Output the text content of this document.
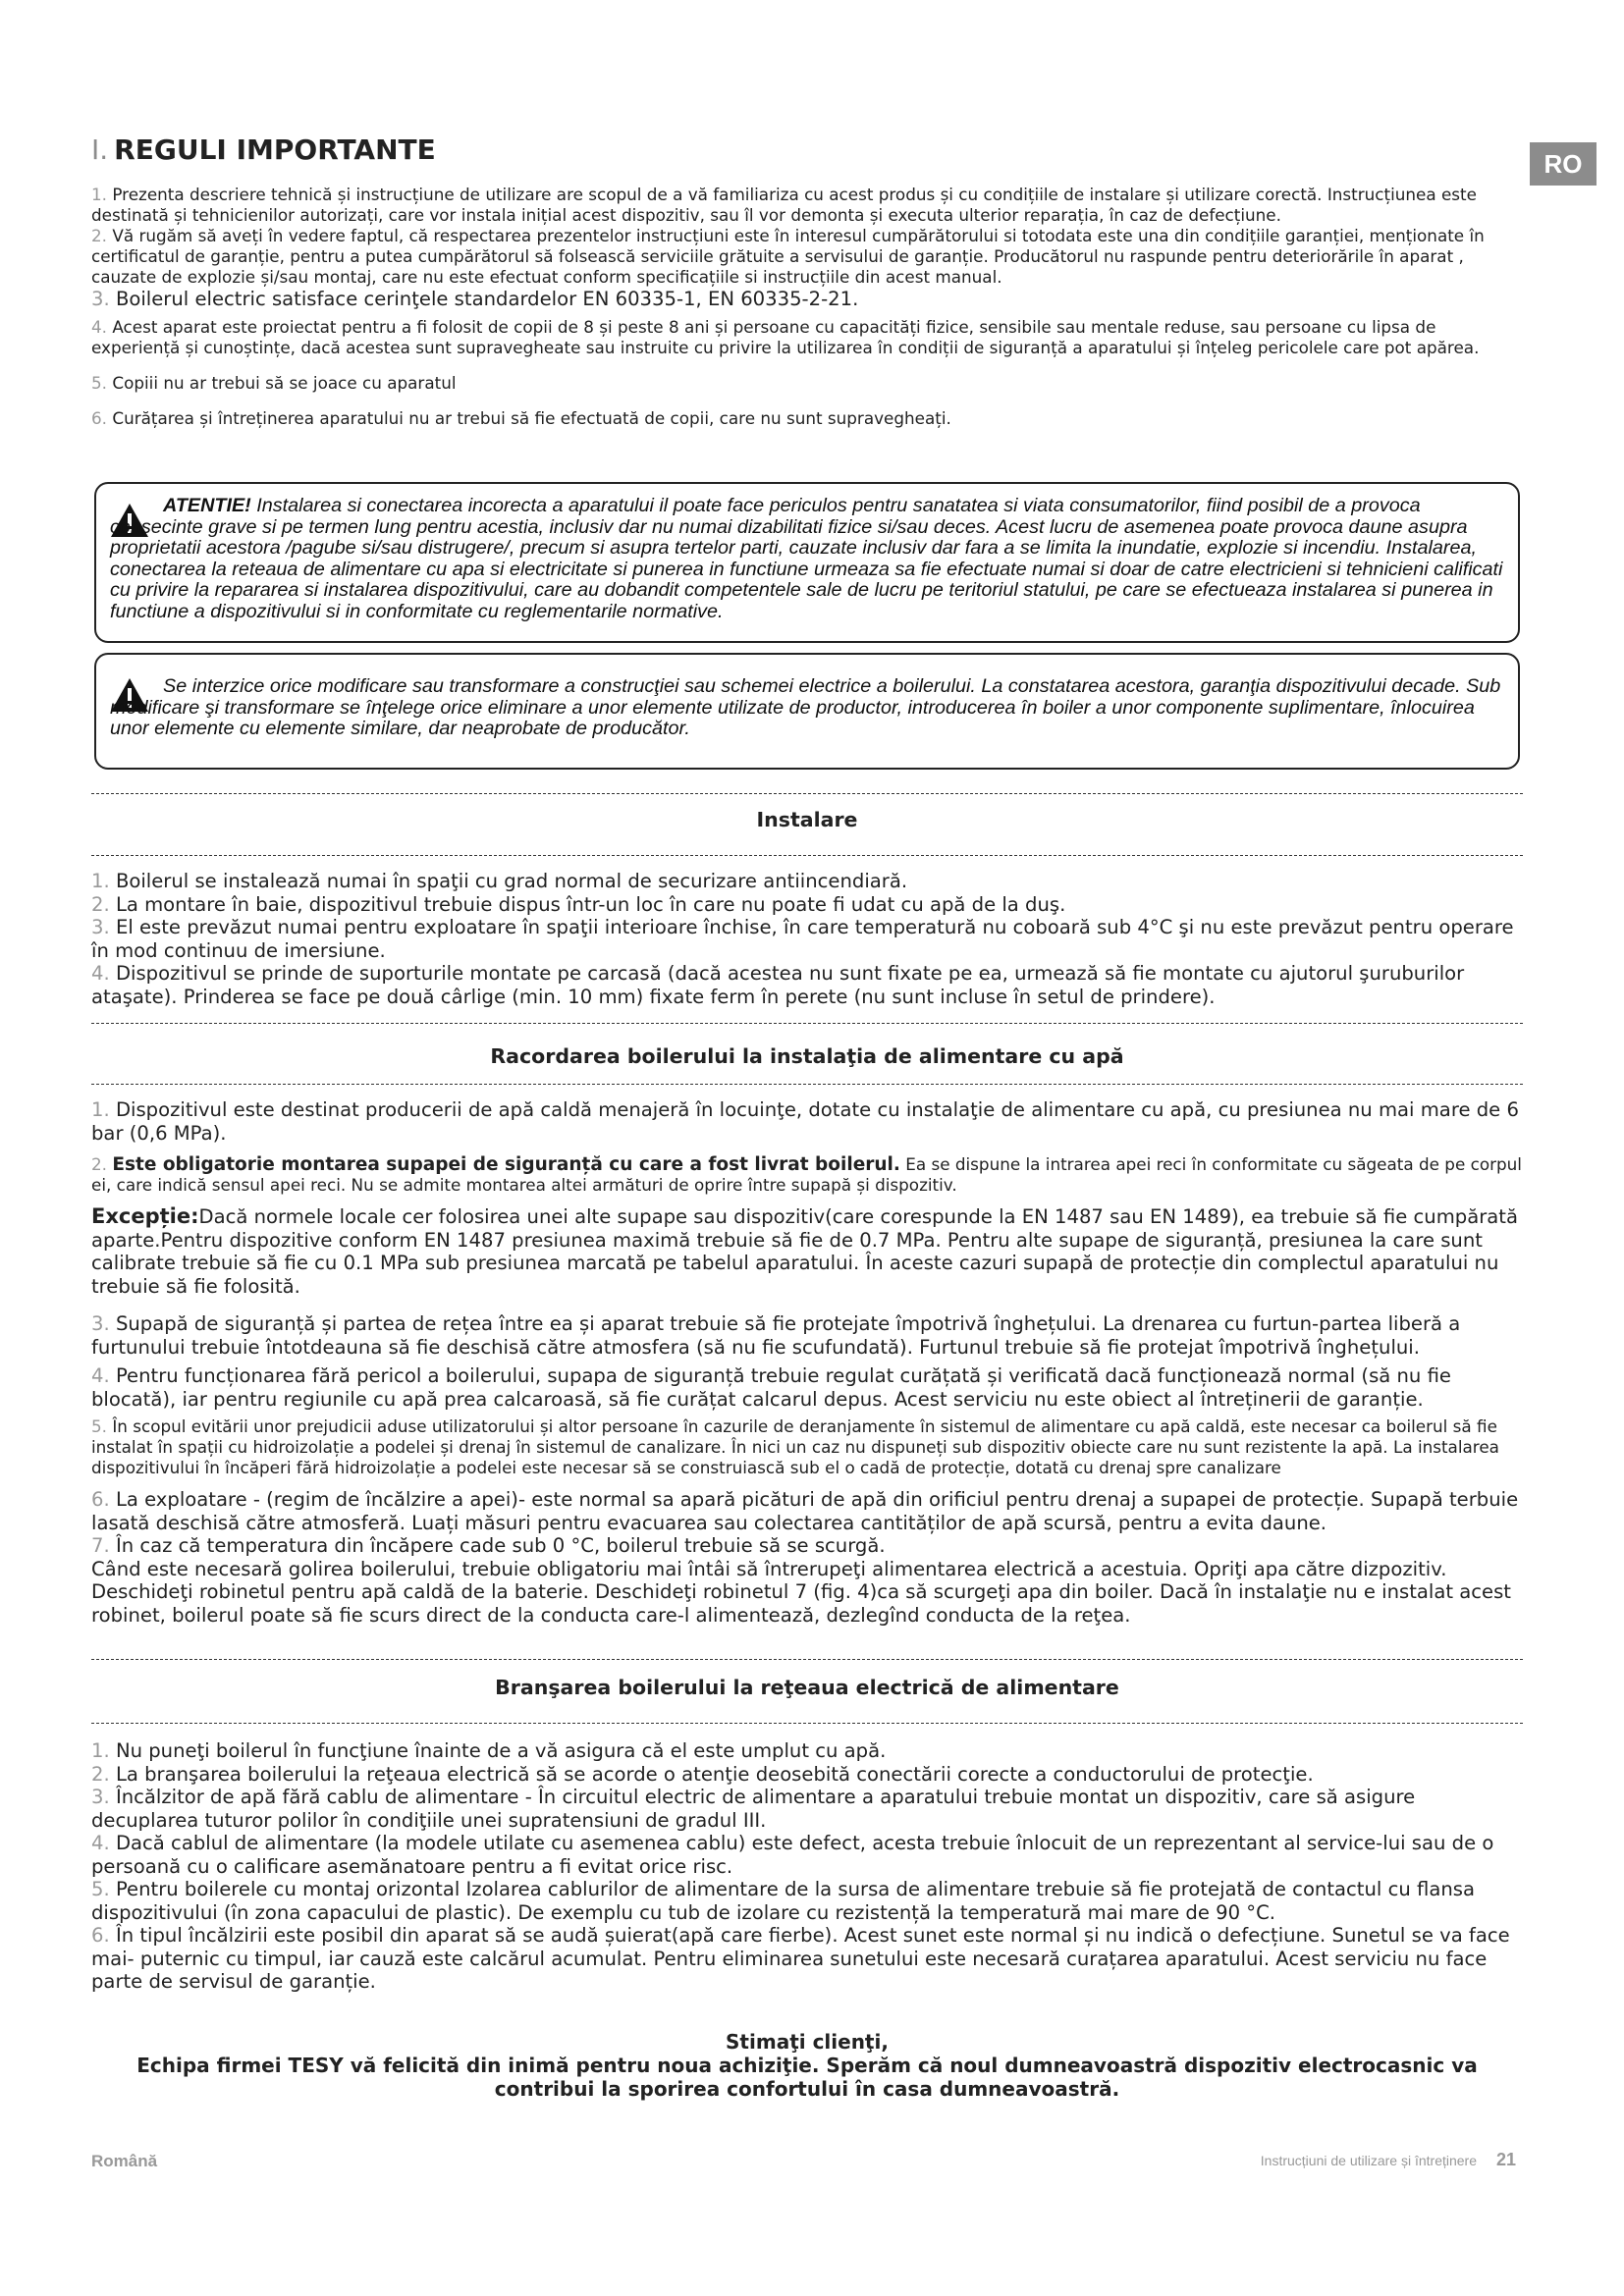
RO
I. REGULI IMPORTANTE

1. Prezenta descriere tehnică și instrucțiune de utilizare are scopul de a vă familiariza cu acest produs și cu condițiile de instalare și utilizare corectă. Instrucțiunea este destinată și tehnicienilor autorizați, care vor instala inițial acest dispozitiv, sau îl vor demonta și executa ulterior reparația, în caz de defecțiune.

2. Vă rugăm să aveți în vedere faptul, că respectarea prezentelor instrucțiuni este în interesul cumpărătorului si totodata este una din condițiile garanției, menționate în certificatul de garanție, pentru a putea cumpărătorul să folsească serviciile grătuite a servisului de garanție. Producătorul nu raspunde pentru deteriorările în aparat , cauzate de explozie și/sau montaj, care nu este efectuat conform specificațiile si instrucțiile din acest manual.

3. Boilerul electric satisface cerinţele standardelor EN 60335-1, EN 60335-2-21.

4. Acest aparat este proiectat pentru a fi folosit de copii de 8 și peste 8 ani și persoane cu capacități fizice, sensibile sau mentale reduse, sau persoane cu lipsa de experiență și cunoștințe, dacă acestea sunt supravegheate sau instruite cu privire la utilizarea în condiții de siguranță a aparatului și înțeleg pericolele care pot apărea.

5. Copiii nu ar trebui să se joace cu aparatul

6. Curățarea și întreținerea aparatului nu ar trebui să fie efectuată de copii, care nu sunt supravegheați.

ATENTIE! Instalarea si conectarea incorecta a aparatului il poate face periculos pentru sanatatea si viata consumatorilor, fiind posibil de a provoca consecinte grave si pe termen lung pentru acestia, inclusiv dar nu numai dizabilitati fizice si/sau deces. Acest lucru de asemenea poate provoca daune asupra proprietatii acestora /pagube si/sau distrugere/, precum si asupra tertelor parti, cauzate inclusiv dar fara a se limita la inundatie, explozie si incendiu. Instalarea, conectarea la reteaua de alimentare cu apa si electricitate si punerea in functiune urmeaza sa fie efectuate numai si doar de catre electricieni si tehnicieni calificati cu privire la repararea si instalarea dispozitivului, care au dobandit competentele sale de lucru pe teritoriul statului, pe care se efectueaza instalarea si punerea in functiune a dispozitivului si in conformitate cu reglementarile normative.
Se interzice orice modificare sau transformare a construcţiei sau schemei electrice a boilerului. La constatarea acestora, garanţia dispozitivului decade. Sub modificare şi transformare se înţelege orice eliminare a unor elemente utilizate de productor, introducerea în boiler a unor componente suplimentare, înlocuirea unor elemente cu elemente similare, dar neaprobate de producător.

Instalare

1. Boilerul se instalează numai în spaţii cu grad normal de securizare antiincendiară.

2. La montare în baie, dispozitivul trebuie dispus într-un loc în care nu poate fi udat cu apă de la duş.

3. El este prevăzut numai pentru exploatare în spaţii interioare închise, în care temperatură nu coboară sub 4°C şi nu este prevăzut pentru operare în mod continuu de imersiune.

4. Dispozitivul se prinde de suporturile montate pe carcasă (dacă acestea nu sunt fixate pe ea, urmează să fie montate cu ajutorul şuruburilor ataşate). Prinderea se face pe două cârlige (min. 10 mm) fixate ferm în perete (nu sunt incluse în setul de prindere).

Racordarea boilerului la instalaţia de alimentare cu apă

1. Dispozitivul este destinat producerii de apă caldă menajeră în locuinţe, dotate cu instalaţie de alimentare cu apă, cu presiunea nu mai mare de 6 bar (0,6 MPa).

2. Este obligatorie montarea supapei de siguranță cu care a fost livrat boilerul. Ea se dispune la intrarea apei reci în conformitate cu săgeata de pe corpul ei, care indică sensul apei reci. Nu se admite montarea altei armături de oprire între supapă și dispozitiv.

Excepție:Dacă normele locale cer folosirea unei alte supape sau dispozitiv(care corespunde la EN 1487 sau EN 1489), ea trebuie să fie cumpărată aparte.Pentru dispozitive conform EN 1487 presiunea maximă trebuie să fie de 0.7 MPa. Pentru alte supape de siguranță, presiunea la care sunt calibrate trebuie să fie cu 0.1 MPa sub presiunea marcată pe tabelul aparatului. În aceste cazuri supapă de protecție din complectul aparatului nu trebuie să fie folosită.

3. Supapă de siguranță și partea de rețea între ea și aparat trebuie să fie protejate împotrivă înghețului. La drenarea cu furtun-partea liberă a furtunului trebuie întotdeauna să fie deschisă către atmosfera (să nu fie scufundată). Furtunul trebuie să fie protejat împotrivă înghețului.

4. Pentru funcționarea fără pericol a boilerului, supapa de siguranță trebuie regulat curățată și verificată dacă funcționează normal (să nu fie blocată), iar pentru regiunile cu apă prea calcaroasă, să fie curățat calcarul depus. Acest serviciu nu este obiect al întreținerii de garanție.

5. În scopul evitării unor prejudicii aduse utilizatorului și altor persoane în cazurile de deranjamente în sistemul de alimentare cu apă caldă, este necesar ca boilerul să fie instalat în spații cu hidroizolație a podelei și drenaj în sistemul de canalizare. În nici un caz nu dispuneți sub dispozitiv obiecte care nu sunt rezistente la apă. La instalarea dispozitivului în încăperi fără hidroizolație a podelei este necesar să se construiască sub el o cadă de protecție, dotată cu drenaj spre canalizare

6. La exploatare - (regim de încălzire a apei)- este normal sa apară picături de apă din orificiul pentru drenaj a supapei de protecție. Supapă terbuie lasată deschisă către atmosferă. Luați măsuri pentru evacuarea sau colectarea cantităților de apă scursă, pentru a evita daune.

7. În caz că temperatura din încăpere cade sub 0 °C, boilerul trebuie să se scurgă.

Când este necesară golirea boilerului, trebuie obligatoriu mai întâi să întrerupeţi alimentarea electrică a acestuia. Opriţi apa către dizpozitiv. Deschideţi robinetul pentru apă caldă de la baterie. Deschideţi robinetul 7 (fig. 4)ca să scurgeţi apa din boiler. Dacă în instalaţie nu e instalat acest robinet, boilerul poate să fie scurs direct de la conducta care-l alimentează, dezlegînd conducta de la reţea.

Branşarea boilerului la reţeaua electrică de alimentare

1. Nu puneţi boilerul în funcţiune înainte de a vă asigura că el este umplut cu apă.

2. La branşarea boilerului la reţeaua electrică să se acorde o atenţie deosebită conectării corecte a conductorului de protecţie.

3. Încălzitor de apă fără cablu de alimentare - În circuitul electric de alimentare a aparatului trebuie montat un dispozitiv, care să asigure decuplarea tuturor polilor în condiţiile unei supratensiuni de gradul III.

4. Dacă cablul de alimentare (la modele utilate cu asemenea cablu) este defect, acesta trebuie înlocuit de un reprezentant al service-lui sau de o persoană cu o calificare asemănatoare pentru a fi evitat orice risc.

5. Pentru boilerele cu montaj orizontal Izolarea cablurilor de alimentare de la sursa de alimentare trebuie să fie protejată de contactul cu flansa dispozitivului (în zona capacului de plastic). De exemplu cu tub de izolare cu rezistență la temperatură mai mare de 90 °C.

6. În tipul încălzirii este posibil din aparat să se audă șuierat(apă care fierbe). Acest sunet este normal și nu indică o defecțiune. Sunetul se va face mai- puternic cu timpul, iar cauză este calcărul acumulat. Pentru eliminarea sunetului este necesară curațarea aparatului. Acest serviciu nu face parte de servisul de garanție.

Stimaţi clienţi,
Echipa firmei TESY vă felicită din inimă pentru noua achiziţie. Sperăm că noul dumneavoastră dispozitiv electrocasnic va contribui la sporirea confortului în casa dumneavoastră.
Română	Instrucțiuni de utilizare și întreținere 21
